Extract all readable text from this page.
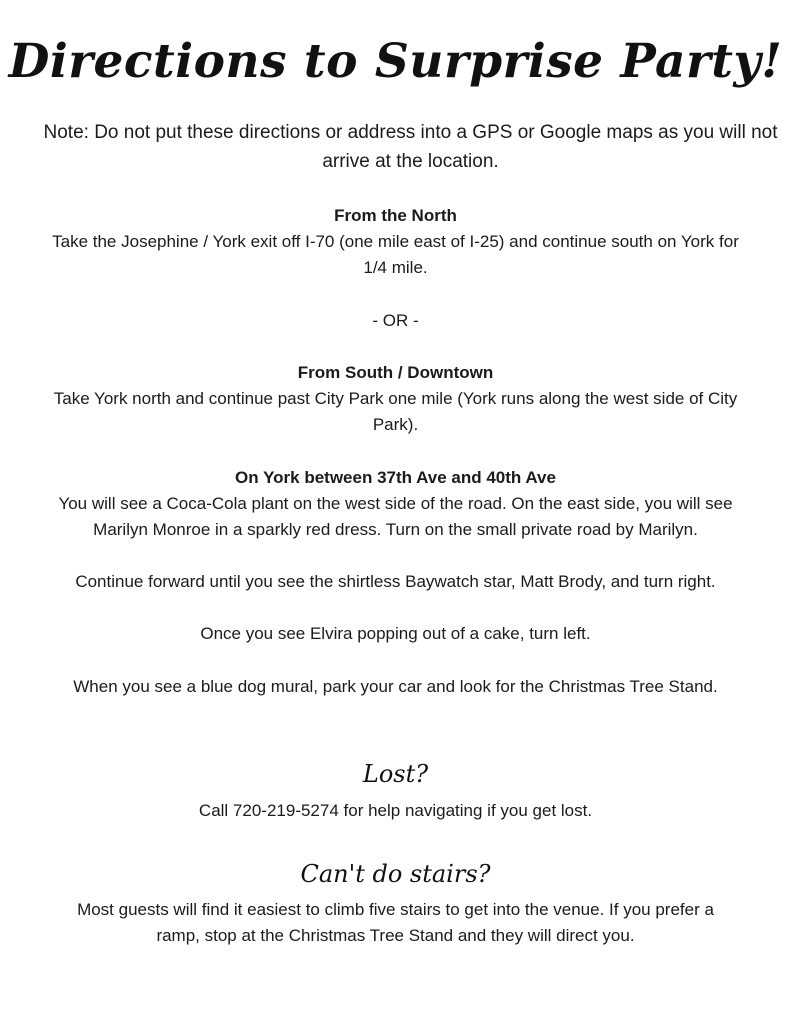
Directions to Surprise Party!
Note: Do not put these directions or address into a GPS or Google maps as you will not arrive at the location.
From the North
Take the Josephine / York exit off I-70 (one mile east of I-25) and continue south on York for 1/4 mile.
- OR -
From South / Downtown
Take York north and continue past City Park one mile (York runs along the west side of City Park).
On York between 37th Ave and 40th Ave
You will see a Coca-Cola plant on the west side of the road. On the east side, you will see Marilyn Monroe in a sparkly red dress. Turn on the small private road by Marilyn.
Continue forward until you see the shirtless Baywatch star, Matt Brody, and turn right.
Once you see Elvira popping out of a cake, turn left.
When you see a blue dog mural, park your car and look for the Christmas Tree Stand.
Lost?
Call 720-219-5274 for help navigating if you get lost.
Can't do stairs?
Most guests will find it easiest to climb five stairs to get into the venue. If you prefer a ramp, stop at the Christmas Tree Stand and they will direct you.
